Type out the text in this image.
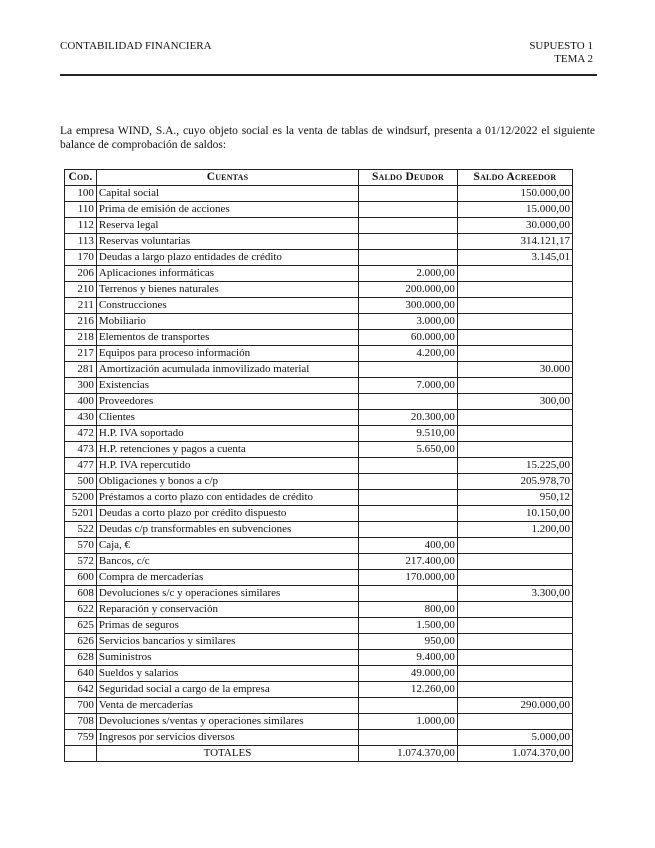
CONTABILIDAD FINANCIERA	SUPUESTO 1
TEMA 2

La empresa WIND, S.A., cuyo objeto social es la venta de tablas de windsurf, presenta a 01/12/2022 el siguiente balance de comprobación de saldos:

Cod.	Cuentas	Saldo Deudor	Saldo Acreedor
100	Capital social		150.000,00
110	Prima de emisión de acciones		15.000,00
112	Reserva legal		30.000,00
113	Reservas voluntarias		314.121,17
170	Deudas a largo plazo entidades de crédito		3.145,01
206	Aplicaciones informáticas	2.000,00	
210	Terrenos y bienes naturales	200.000,00	
211	Construcciones	300.000,00	
216	Mobiliario	3.000,00	
218	Elementos de transportes	60.000,00	
217	Equipos para proceso información	4.200,00	
281	Amortización acumulada inmovilizado material		30.000
300	Existencias	7.000,00	
400	Proveedores		300,00
430	Clientes	20.300,00	
472	H.P. IVA soportado	9.510,00	
473	H.P. retenciones y pagos a cuenta	5.650,00	
477	H.P. IVA repercutido		15.225,00
500	Obligaciones y bonos a c/p		205.978,70
5200	Préstamos a corto plazo con entidades de crédito		950,12
5201	Deudas a corto plazo por crédito dispuesto		10.150,00
522	Deudas c/p transformables en subvenciones		1.200,00
570	Caja, €	400,00	
572	Bancos, c/c	217.400,00	
600	Compra de mercaderías	170.000,00	
608	Devoluciones s/c y operaciones similares		3.300,00
622	Reparación y conservación	800,00	
625	Primas de seguros	1.500,00	
626	Servicios bancarios y similares	950,00	
628	Suministros	9.400,00	
640	Sueldos y salarios	49.000,00	
642	Seguridad social a cargo de la empresa	12.260,00	
700	Venta de mercaderías		290.000,00
708	Devoluciones s/ventas y operaciones similares	1.000,00	
759	Ingresos por servicios diversos		5.000,00
	TOTALES	1.074.370,00	1.074.370,00
